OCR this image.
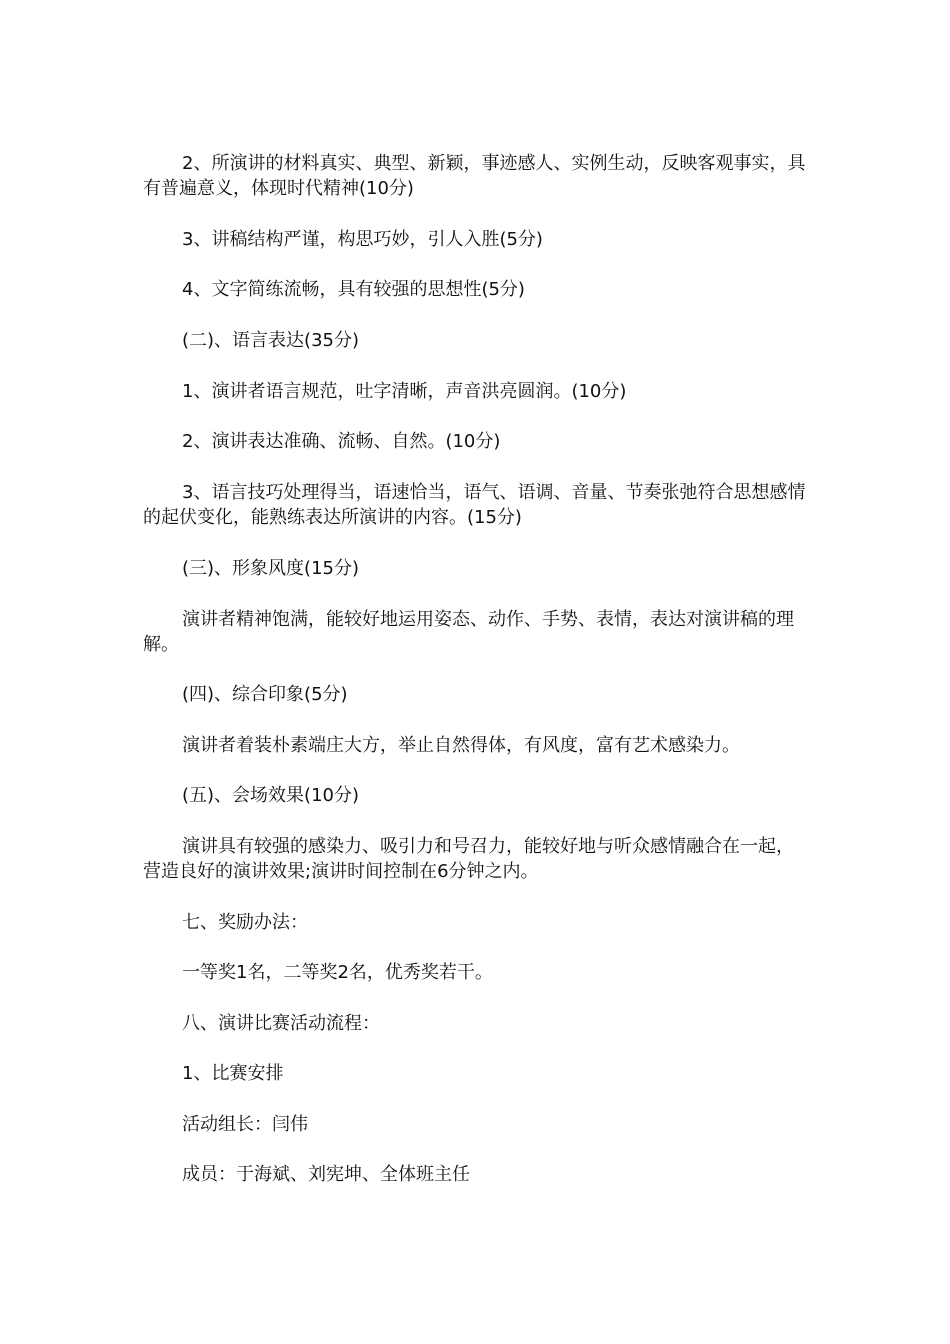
2、所演讲的材料真实、典型、新颖，事迹感人、实例生动，反映客观事实，具有普遍意义，体现时代精神(10分)

3、讲稿结构严谨，构思巧妙，引人入胜(5分)

4、文字简练流畅，具有较强的思想性(5分)

(二)、语言表达(35分)

1、演讲者语言规范，吐字清晰，声音洪亮圆润。(10分)

2、演讲表达准确、流畅、自然。(10分)

3、语言技巧处理得当，语速恰当，语气、语调、音量、节奏张弛符合思想感情的起伏变化，能熟练表达所演讲的内容。(15分)

(三)、形象风度(15分)

演讲者精神饱满，能较好地运用姿态、动作、手势、表情，表达对演讲稿的理解。

(四)、综合印象(5分)

演讲者着装朴素端庄大方，举止自然得体，有风度，富有艺术感染力。

(五)、会场效果(10分)

演讲具有较强的感染力、吸引力和号召力，能较好地与听众感情融合在一起，营造良好的演讲效果;演讲时间控制在6分钟之内。

七、奖励办法：

一等奖1名，二等奖2名，优秀奖若干。

八、演讲比赛活动流程：

1、比赛安排

活动组长：闫伟

成员：于海斌、刘宪坤、全体班主任
